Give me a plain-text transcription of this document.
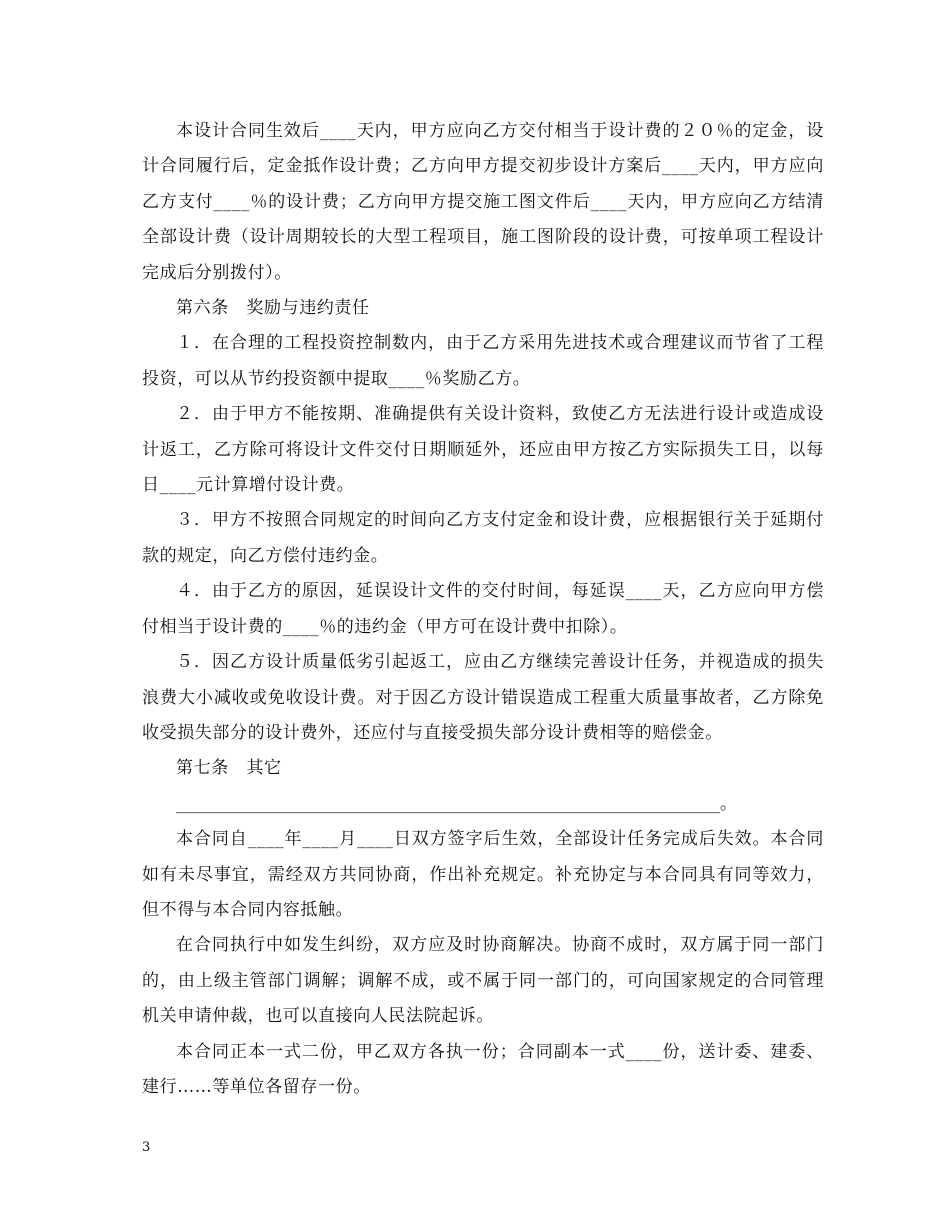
本设计合同生效后____天内，甲方应向乙方交付相当于设计费的２０％的定金，设计合同履行后，定金抵作设计费；乙方向甲方提交初步设计方案后____天内，甲方应向乙方支付____％的设计费；乙方向甲方提交施工图文件后____天内，甲方应向乙方结清全部设计费（设计周期较长的大型工程项目，施工图阶段的设计费，可按单项工程设计完成后分别拨付）。

第六条　奖励与违约责任

１．在合理的工程投资控制数内，由于乙方采用先进技术或合理建议而节省了工程投资，可以从节约投资额中提取____％奖励乙方。

２．由于甲方不能按期、准确提供有关设计资料，致使乙方无法进行设计或造成设计返工，乙方除可将设计文件交付日期顺延外，还应由甲方按乙方实际损失工日，以每日____元计算增付设计费。

３．甲方不按照合同规定的时间向乙方支付定金和设计费，应根据银行关于延期付款的规定，向乙方偿付违约金。

４．由于乙方的原因，延误设计文件的交付时间，每延误____天，乙方应向甲方偿付相当于设计费的____％的违约金（甲方可在设计费中扣除）。

５．因乙方设计质量低劣引起返工，应由乙方继续完善设计任务，并视造成的损失浪费大小减收或免收设计费。对于因乙方设计错误造成工程重大质量事故者，乙方除免收受损失部分的设计费外，还应付与直接受损失部分设计费相等的赔偿金。

第七条　其它

________________________________________________________________。

本合同自____年____月____日双方签字后生效，全部设计任务完成后失效。本合同如有未尽事宜，需经双方共同协商，作出补充规定。补充协定与本合同具有同等效力，但不得与本合同内容抵触。

在合同执行中如发生纠纷，双方应及时协商解决。协商不成时，双方属于同一部门的，由上级主管部门调解；调解不成，或不属于同一部门的，可向国家规定的合同管理机关申请仲裁，也可以直接向人民法院起诉。

本合同正本一式二份，甲乙双方各执一份；合同副本一式____份，送计委、建委、建行……等单位各留存一份。

3
